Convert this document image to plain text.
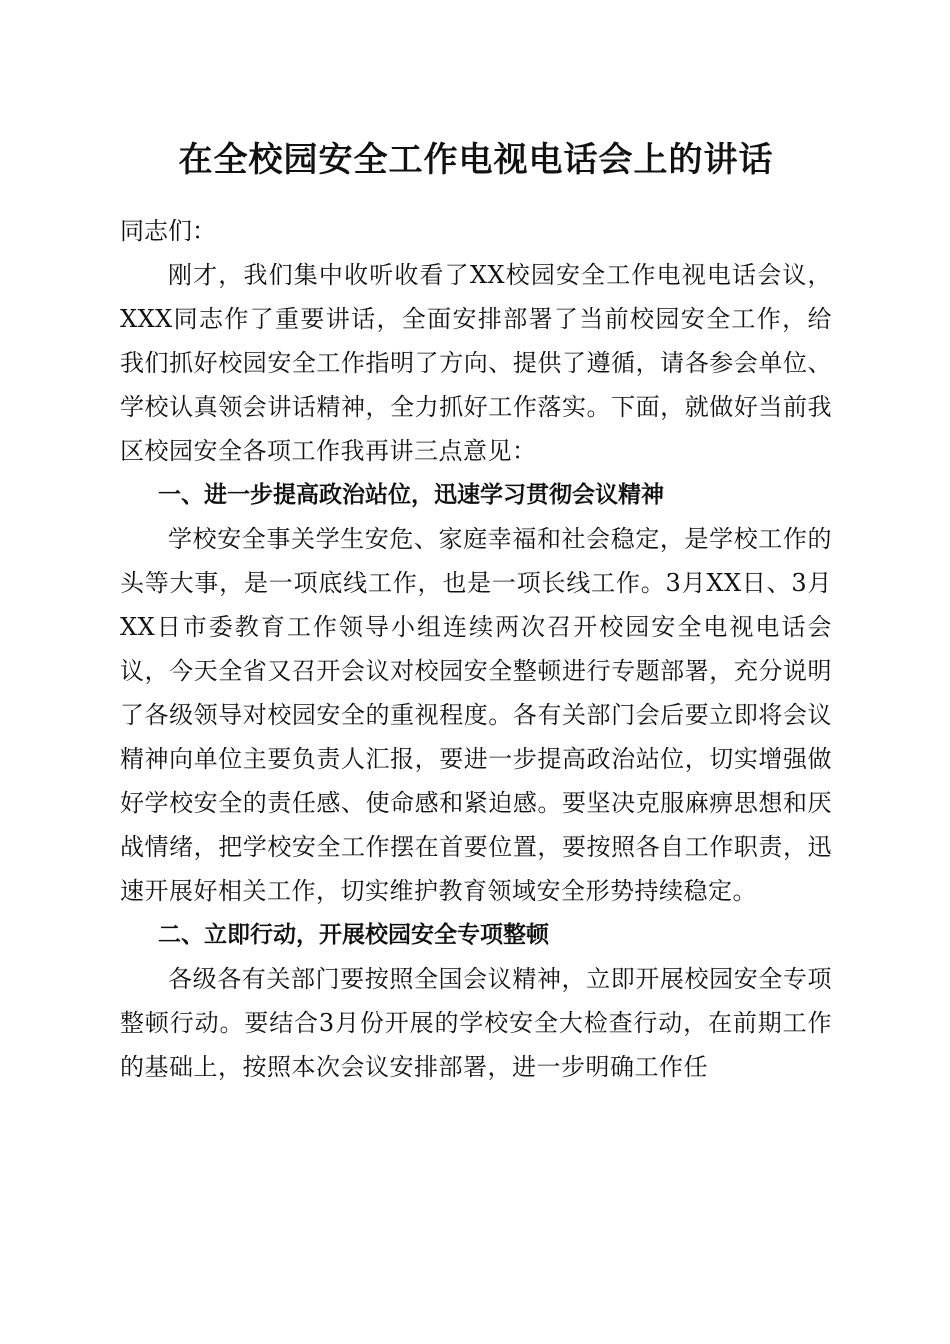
在全校园安全工作电视电话会上的讲话

同志们：

刚才，我们集中收听收看了XX校园安全工作电视电话会议，XXX同志作了重要讲话，全面安排部署了当前校园安全工作，给我们抓好校园安全工作指明了方向、提供了遵循，请各参会单位、学校认真领会讲话精神，全力抓好工作落实。下面，就做好当前我区校园安全各项工作我再讲三点意见：

一、进一步提高政治站位，迅速学习贯彻会议精神

学校安全事关学生安危、家庭幸福和社会稳定，是学校工作的头等大事，是一项底线工作，也是一项长线工作。3月XX日、3月XX日市委教育工作领导小组连续两次召开校园安全电视电话会议，今天全省又召开会议对校园安全整顿进行专题部署，充分说明了各级领导对校园安全的重视程度。各有关部门会后要立即将会议精神向单位主要负责人汇报，要进一步提高政治站位，切实增强做好学校安全的责任感、使命感和紧迫感。要坚决克服麻痹思想和厌战情绪，把学校安全工作摆在首要位置，要按照各自工作职责，迅速开展好相关工作，切实维护教育领域安全形势持续稳定。

二、立即行动，开展校园安全专项整顿

各级各有关部门要按照全国会议精神，立即开展校园安全专项整顿行动。要结合3月份开展的学校安全大检查行动，在前期工作的基础上，按照本次会议安排部署，进一步明确工作任
